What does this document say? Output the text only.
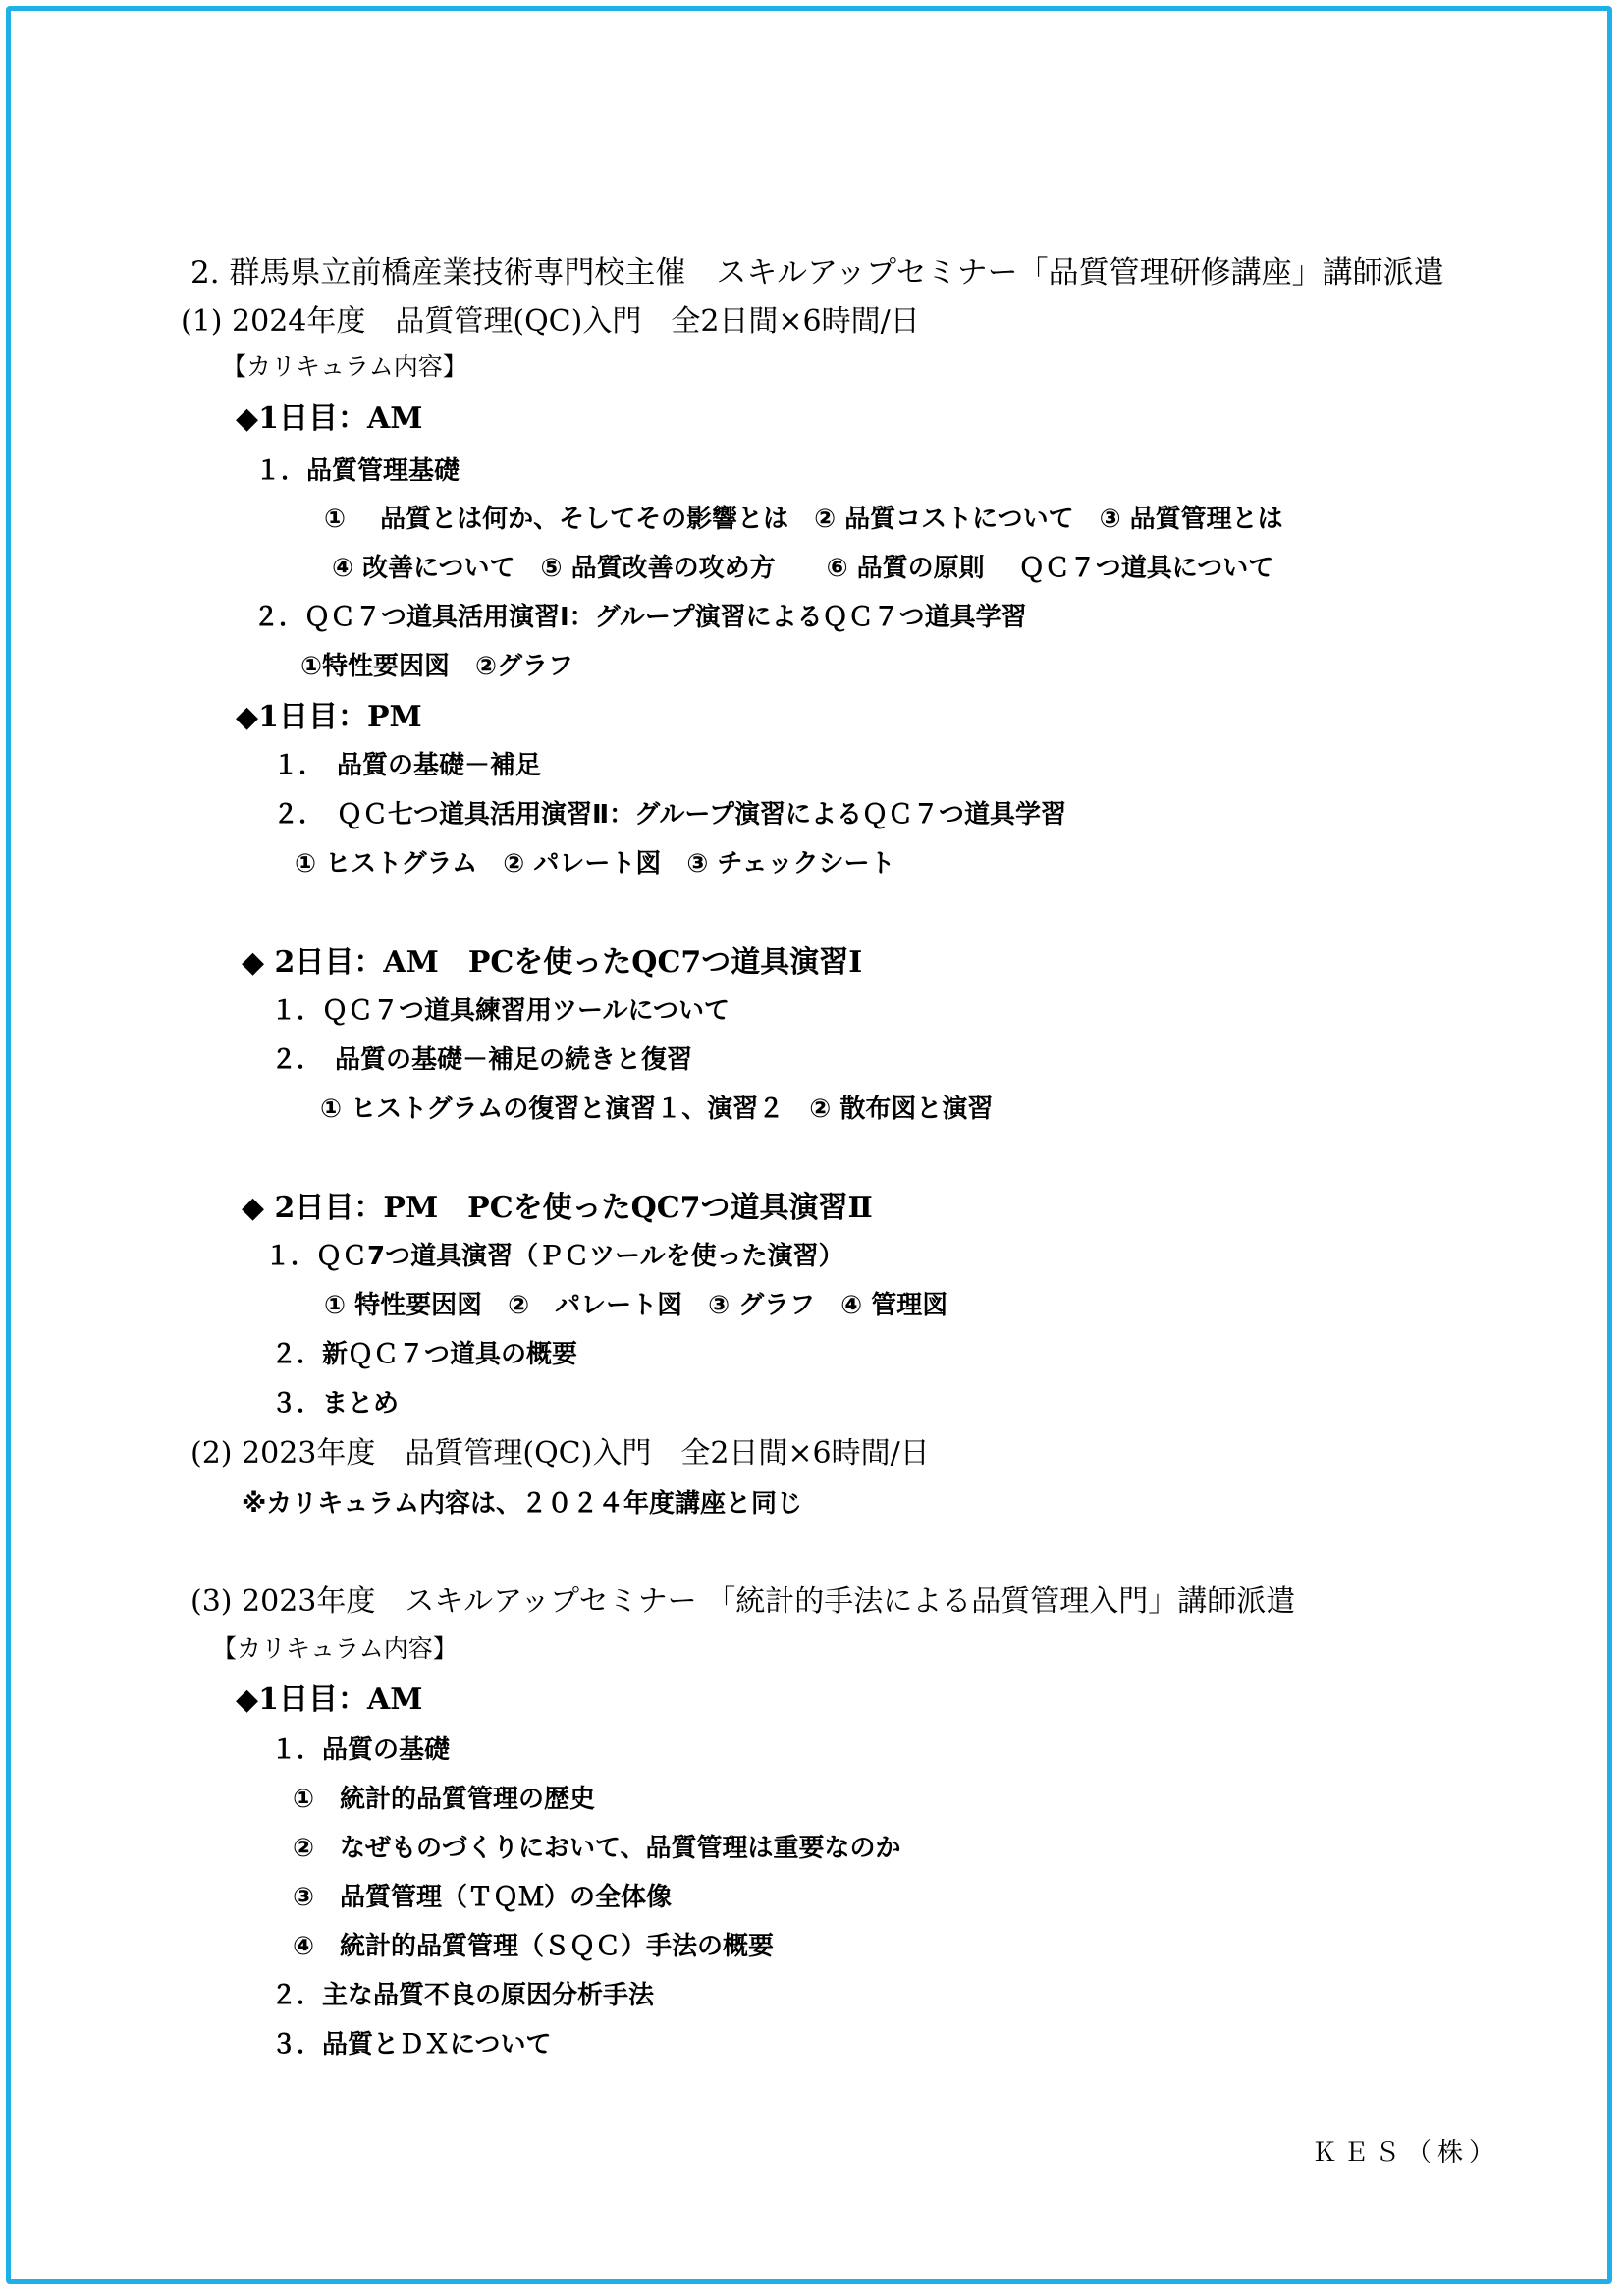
2. 群馬県立前橋産業技術専門校主催　スキルアップセミナー「品質管理研修講座」講師派遣
(1) 2024年度　品質管理(QC)入門　全2日間×6時間/日
【カリキュラム内容】
◆1日目：AM
１．品質管理基礎
①　 品質とは何か、そしてその影響とは　② 品質コストについて　③ 品質管理とは
④ 改善について　⑤ 品質改善の攻め方　　⑥ 品質の原則　 ＱＣ７つ道具について
２．ＱＣ７つ道具活用演習Ⅰ：グループ演習によるＱＣ７つ道具学習
①特性要因図　②グラフ
◆1日目：PM
１．　品質の基礎－補足
２．　ＱＣ七つ道具活用演習Ⅱ：グループ演習によるＱＣ７つ道具学習
① ヒストグラム　② パレート図　③ チェックシート
◆ 2日目：AM　PCを使ったQC7つ道具演習Ⅰ
１．ＱＣ７つ道具練習用ツールについて
２．　品質の基礎－補足の続きと復習
① ヒストグラムの復習と演習１、演習２　② 散布図と演習
◆ 2日目：PM　PCを使ったQC7つ道具演習Ⅱ
１．ＱＣ7つ道具演習（ＰＣツールを使った演習）
① 特性要因図　②　パレート図　③ グラフ　④ 管理図
２．新ＱＣ７つ道具の概要
３．まとめ
(2) 2023年度　品質管理(QC)入門　全2日間×6時間/日
※カリキュラム内容は、２０２４年度講座と同じ
(3) 2023年度　スキルアップセミナー 「統計的手法による品質管理入門」講師派遣
【カリキュラム内容】
◆1日目：AM
１．品質の基礎
①　統計的品質管理の歴史
②　なぜものづくりにおいて、品質管理は重要なのか
③　品質管理（ＴＱＭ）の全体像
④　統計的品質管理（ＳＱＣ）手法の概要
２．主な品質不良の原因分析手法
３．品質とＤＸについて
ＫＥＳ（株）
